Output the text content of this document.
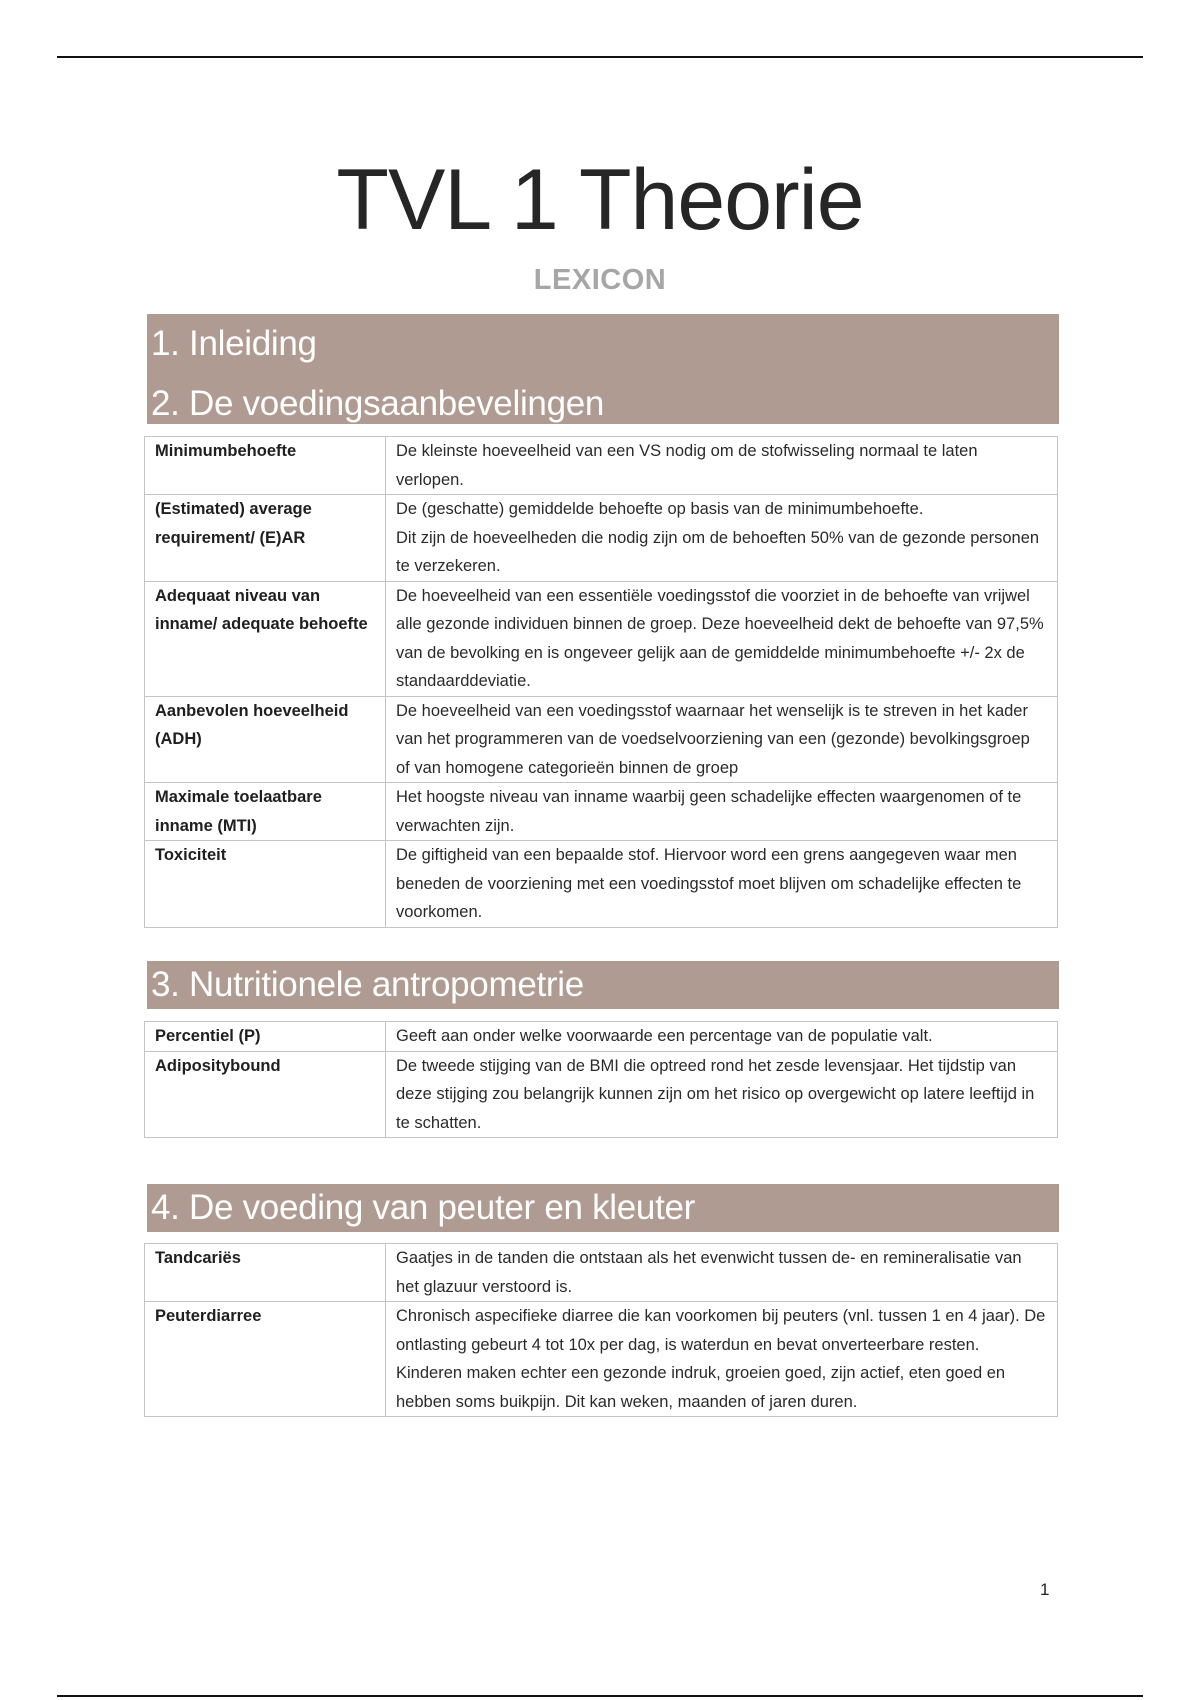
TVL 1 Theorie
LEXICON
1. Inleiding
2. De voedingsaanbevelingen
Minimumbehoefte	De kleinste hoeveelheid van een VS nodig om de stofwisseling normaal te laten verlopen.
(Estimated) average requirement/ (E)AR	De (geschatte) gemiddelde behoefte op basis van de minimumbehoefte.
Dit zijn de hoeveelheden die nodig zijn om de behoeften 50% van de gezonde personen te verzekeren.
Adequaat niveau van inname/ adequate behoefte	De hoeveelheid van een essentiële voedingsstof die voorziet in de behoefte van vrijwel alle gezonde individuen binnen de groep. Deze hoeveelheid dekt de behoefte van 97,5% van de bevolking en is ongeveer gelijk aan de gemiddelde minimumbehoefte +/- 2x de standaarddeviatie.
Aanbevolen hoeveelheid (ADH)	De hoeveelheid van een voedingsstof waarnaar het wenselijk is te streven in het kader van het programmeren van de voedselvoorziening van een (gezonde) bevolkingsgroep of van homogene categorieën binnen de groep
Maximale toelaatbare inname (MTI)	Het hoogste niveau van inname waarbij geen schadelijke effecten waargenomen of te verwachten zijn.
Toxiciteit	De giftigheid van een bepaalde stof. Hiervoor word een grens aangegeven waar men beneden de voorziening met een voedingsstof moet blijven om schadelijke effecten te voorkomen.
3. Nutritionele antropometrie
Percentiel (P)	Geeft aan onder welke voorwaarde een percentage van de populatie valt.
Adipositybound	De tweede stijging van de BMI die optreed rond het zesde levensjaar. Het tijdstip van deze stijging zou belangrijk kunnen zijn om het risico op overgewicht op latere leeftijd in te schatten.
4. De voeding van peuter en kleuter
Tandcariës	Gaatjes in de tanden die ontstaan als het evenwicht tussen de- en remineralisatie van het glazuur verstoord is.
Peuterdiarree	Chronisch aspecifieke diarree die kan voorkomen bij peuters (vnl. tussen 1 en 4 jaar). De ontlasting gebeurt 4 tot 10x per dag, is waterdun en bevat onverteerbare resten. Kinderen maken echter een gezonde indruk, groeien goed, zijn actief, eten goed en hebben soms buikpijn. Dit kan weken, maanden of jaren duren.
1
